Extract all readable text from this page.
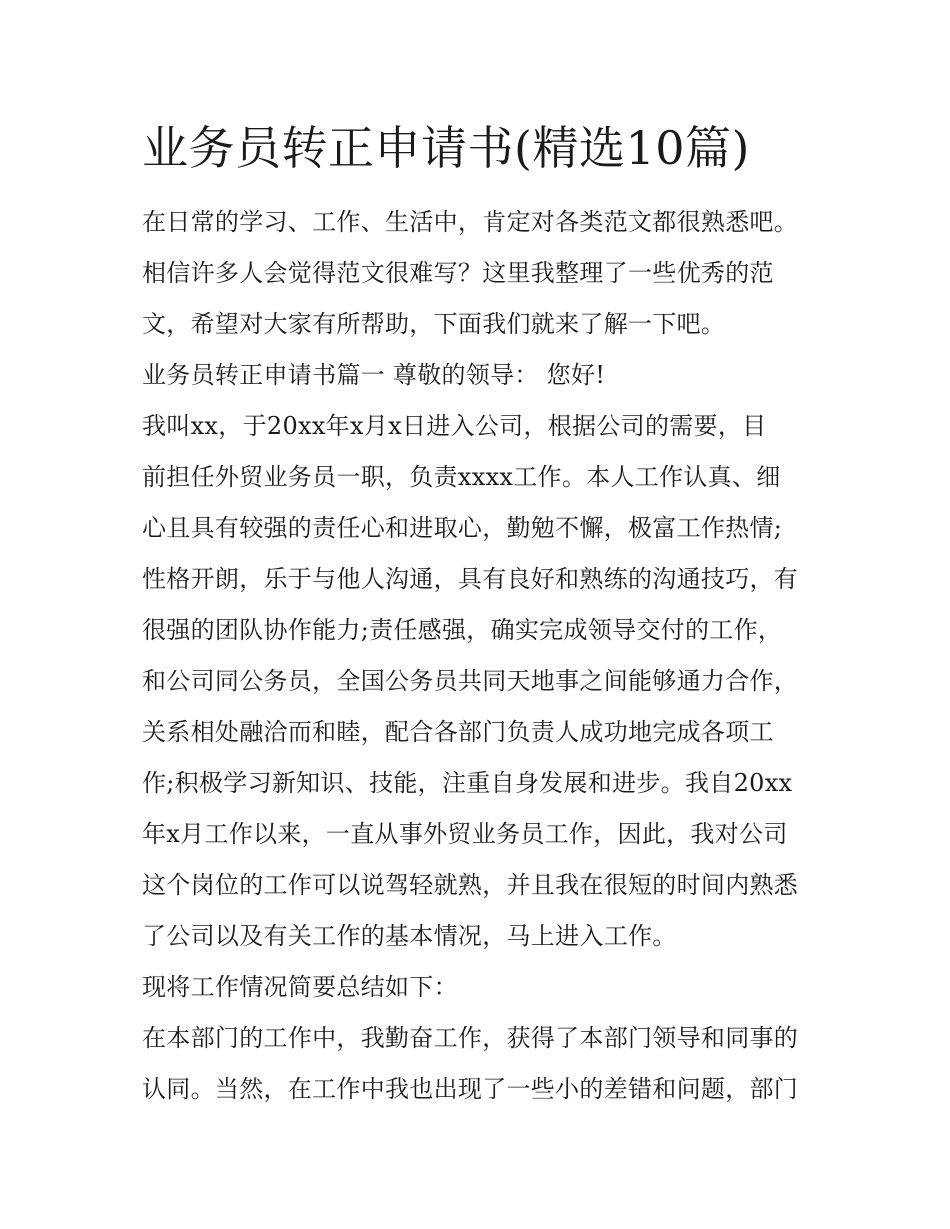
业务员转正申请书(精选10篇)

在日常的学习、工作、生活中，肯定对各类范文都很熟悉吧。

相信许多人会觉得范文很难写？这里我整理了一些优秀的范

文，希望对大家有所帮助，下面我们就来了解一下吧。

业务员转正申请书篇一 尊敬的领导： 您好!

我叫xx，于20xx年x月x日进入公司，根据公司的需要，目

前担任外贸业务员一职，负责xxxx工作。本人工作认真、细

心且具有较强的责任心和进取心，勤勉不懈，极富工作热情;

性格开朗，乐于与他人沟通，具有良好和熟练的沟通技巧，有

很强的团队协作能力;责任感强，确实完成领导交付的工作，

和公司同公务员，全国公务员共同天地事之间能够通力合作，

关系相处融洽而和睦，配合各部门负责人成功地完成各项工

作;积极学习新知识、技能，注重自身发展和进步。我自20xx

年x月工作以来，一直从事外贸业务员工作，因此，我对公司

这个岗位的工作可以说驾轻就熟，并且我在很短的时间内熟悉

了公司以及有关工作的基本情况，马上进入工作。

现将工作情况简要总结如下：

在本部门的工作中，我勤奋工作，获得了本部门领导和同事的

认同。当然，在工作中我也出现了一些小的差错和问题，部门
